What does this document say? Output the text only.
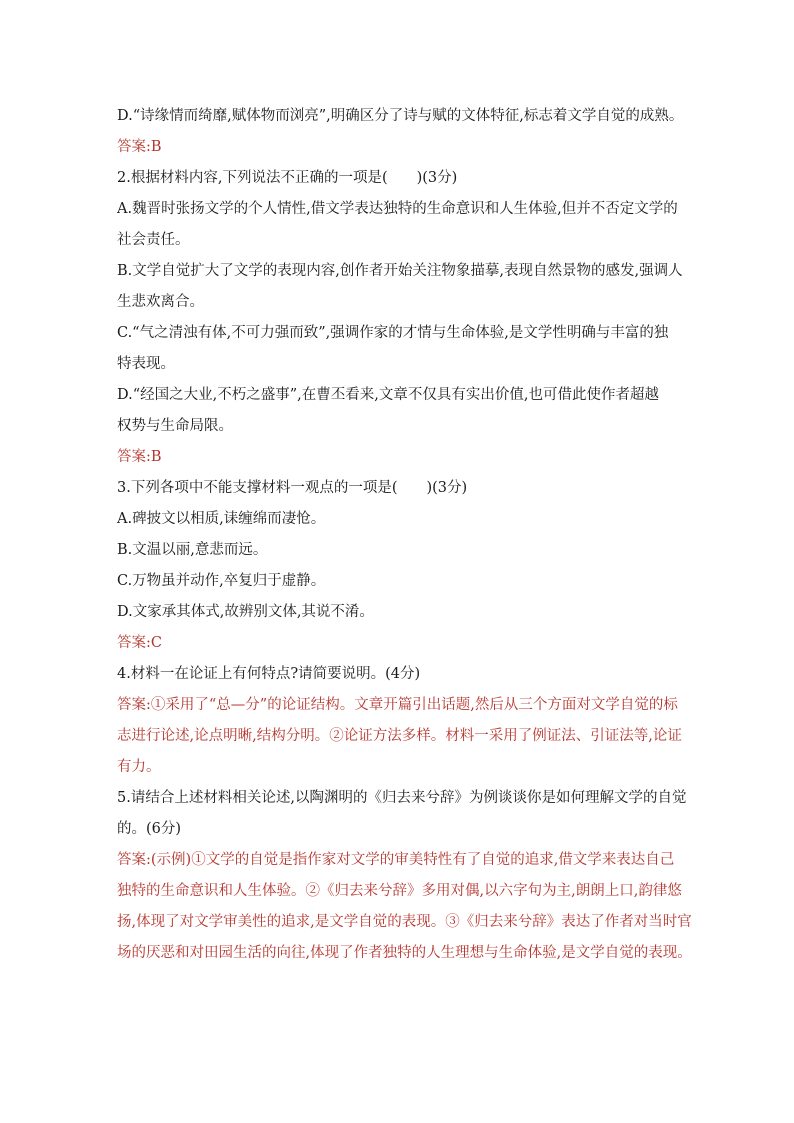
D.“诗缘情而绮靡,赋体物而浏亮”,明确区分了诗与赋的文体特征,标志着文学自觉的成熟。
答案:B
2.根据材料内容,下列说法不正确的一项是(　　)(3分)
A.魏晋时张扬文学的个人情性,借文学表达独特的生命意识和人生体验,但并不否定文学的
社会责任。
B.文学自觉扩大了文学的表现内容,创作者开始关注物象描摹,表现自然景物的感发,强调人
生悲欢离合。
C.“气之清浊有体,不可力强而致”,强调作家的才情与生命体验,是文学性明确与丰富的独
特表现。
D.“经国之大业,不朽之盛事”,在曹丕看来,文章不仅具有实出价值,也可借此使作者超越
权势与生命局限。
答案:B
3.下列各项中不能支撑材料一观点的一项是(　　)(3分)
A.碑披文以相质,诔缠绵而凄怆。
B.文温以丽,意悲而远。
C.万物虽并动作,卒复归于虚静。
D.文家承其体式,故辨别文体,其说不淆。
答案:C
4.材料一在论证上有何特点?请简要说明。(4分)
答案:①采用了“总—分”的论证结构。文章开篇引出话题,然后从三个方面对文学自觉的标
志进行论述,论点明晰,结构分明。②论证方法多样。材料一采用了例证法、引证法等,论证
有力。
5.请结合上述材料相关论述,以陶渊明的《归去来兮辞》为例谈谈你是如何理解文学的自觉
的。(6分)
答案:(示例)①文学的自觉是指作家对文学的审美特性有了自觉的追求,借文学来表达自己
独特的生命意识和人生体验。②《归去来兮辞》多用对偶,以六字句为主,朗朗上口,韵律悠
扬,体现了对文学审美性的追求,是文学自觉的表现。③《归去来兮辞》表达了作者对当时官
场的厌恶和对田园生活的向往,体现了作者独特的人生理想与生命体验,是文学自觉的表现。
